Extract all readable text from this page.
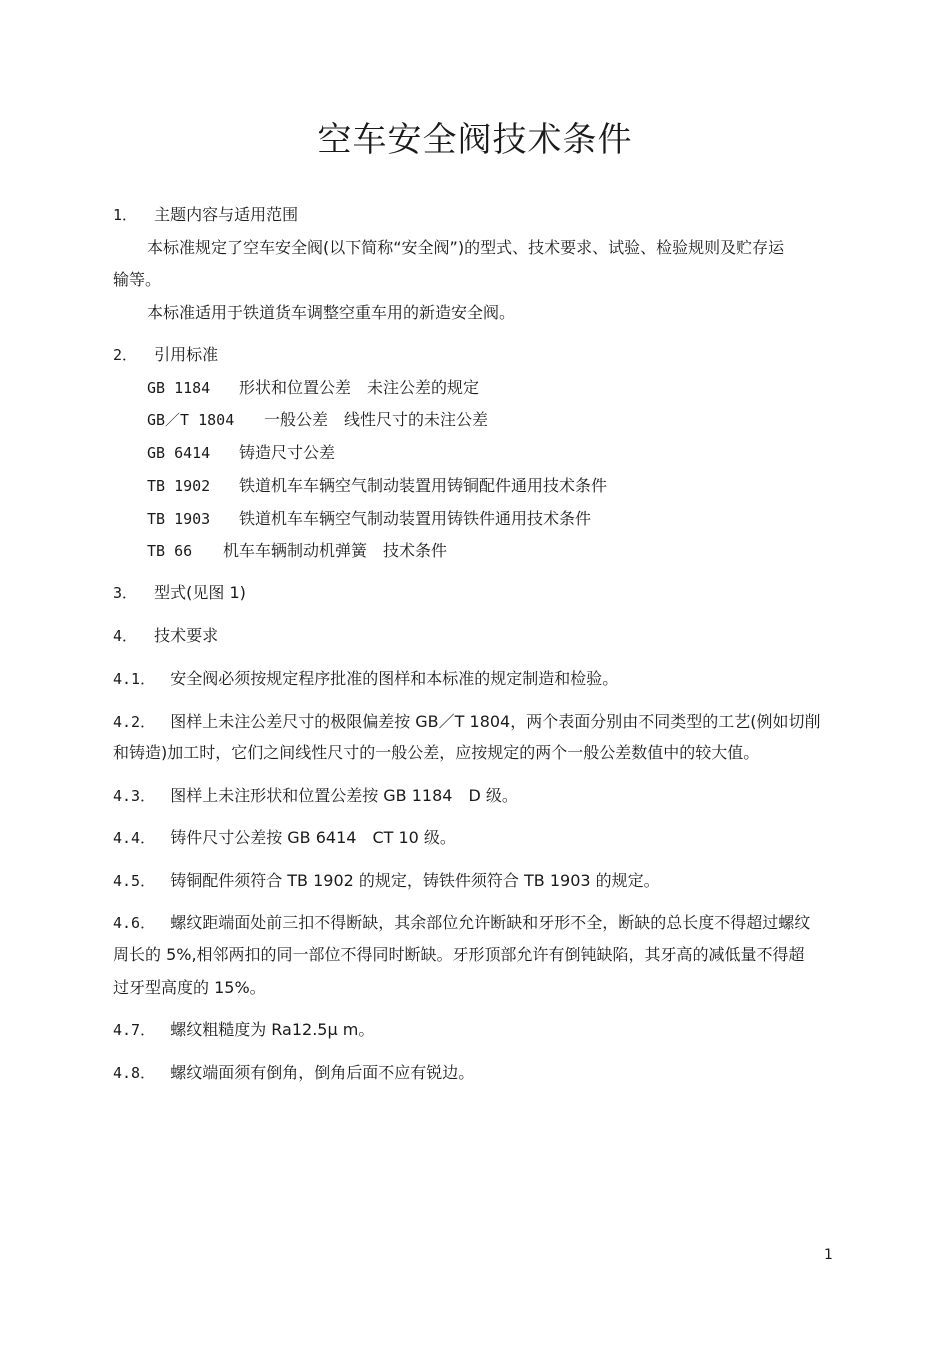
空车安全阀技术条件
1． 主题内容与适用范围
本标准规定了空车安全阀(以下简称“安全阀”)的型式、技术要求、试验、检验规则及贮存运
输等。
本标准适用于铁道货车调整空重车用的新造安全阀。
2． 引用标准
GB 1184 形状和位置公差　未注公差的规定
GB／T 1804 一般公差　线性尺寸的未注公差
GB 6414 铸造尺寸公差
TB 1902 铁道机车车辆空气制动装置用铸铜配件通用技术条件
TB 1903 铁道机车车辆空气制动装置用铸铁件通用技术条件
TB 66 机车车辆制动机弹簧　技术条件
3． 型式(见图 1)
4． 技术要求
4.1． 安全阀必须按规定程序批准的图样和本标准的规定制造和检验。
4.2． 图样上未注公差尺寸的极限偏差按 GB／T 1804，两个表面分别由不同类型的工艺(例如切削
和铸造)加工时，它们之间线性尺寸的一般公差，应按规定的两个一般公差数值中的较大值。
4.3． 图样上未注形状和位置公差按 GB 1184　D 级。
4.4． 铸件尺寸公差按 GB 6414　CT 10 级。
4.5． 铸铜配件须符合 TB 1902 的规定，铸铁件须符合 TB 1903 的规定。
4.6． 螺纹距端面处前三扣不得断缺，其余部位允许断缺和牙形不全，断缺的总长度不得超过螺纹
周长的 5%,相邻两扣的同一部位不得同时断缺。牙形顶部允许有倒钝缺陷，其牙高的减低量不得超
过牙型高度的 15%。
4.7． 螺纹粗糙度为 Ra12.5μ m。
4.8． 螺纹端面须有倒角，倒角后面不应有锐边。
1
